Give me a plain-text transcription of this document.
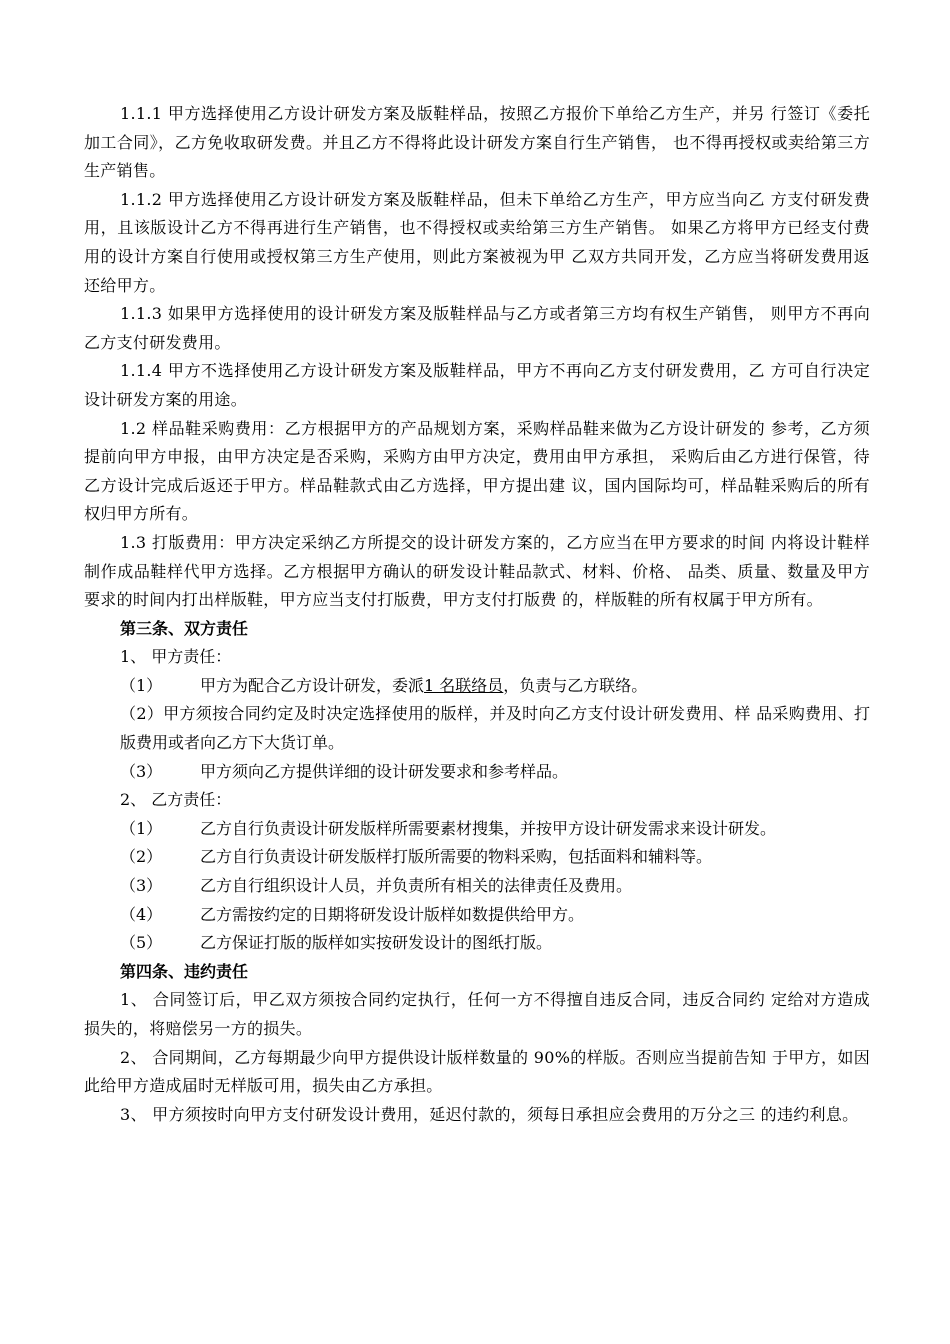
1.1.1 甲方选择使用乙方设计研发方案及版鞋样品，按照乙方报价下单给乙方生产，并另 行签订《委托加工合同》，乙方免收取研发费。并且乙方不得将此设计研发方案自行生产销售， 也不得再授权或卖给第三方生产销售。

1.1.2 甲方选择使用乙方设计研发方案及版鞋样品，但未下单给乙方生产，甲方应当向乙 方支付研发费用，且该版设计乙方不得再进行生产销售，也不得授权或卖给第三方生产销售。 如果乙方将甲方已经支付费用的设计方案自行使用或授权第三方生产使用，则此方案被视为甲 乙双方共同开发，乙方应当将研发费用返还给甲方。

1.1.3 如果甲方选择使用的设计研发方案及版鞋样品与乙方或者第三方均有权生产销售， 则甲方不再向乙方支付研发费用。

1.1.4 甲方不选择使用乙方设计研发方案及版鞋样品，甲方不再向乙方支付研发费用，乙 方可自行决定设计研发方案的用途。

1.2 样品鞋采购费用：乙方根据甲方的产品规划方案，采购样品鞋来做为乙方设计研发的 参考，乙方须提前向甲方申报，由甲方决定是否采购，采购方由甲方决定，费用由甲方承担， 采购后由乙方进行保管，待乙方设计完成后返还于甲方。样品鞋款式由乙方选择，甲方提出建 议，国内国际均可，样品鞋采购后的所有权归甲方所有。

1.3 打版费用：甲方决定采纳乙方所提交的设计研发方案的，乙方应当在甲方要求的时间 内将设计鞋样制作成品鞋样代甲方选择。乙方根据甲方确认的研发设计鞋品款式、材料、价格、 品类、质量、数量及甲方要求的时间内打出样版鞋，甲方应当支付打版费，甲方支付打版费 的，样版鞋的所有权属于甲方所有。

第三条、双方责任

1、 甲方责任：

（1） 甲方为配合乙方设计研发，委派1 名联络员，负责与乙方联络。

（2）甲方须按合同约定及时决定选择使用的版样，并及时向乙方支付设计研发费用、样 品采购费用、打版费用或者向乙方下大货订单。

（3） 甲方须向乙方提供详细的设计研发要求和参考样品。

2、 乙方责任：

（1） 乙方自行负责设计研发版样所需要素材搜集，并按甲方设计研发需求来设计研发。

（2） 乙方自行负责设计研发版样打版所需要的物料采购，包括面料和辅料等。

（3） 乙方自行组织设计人员，并负责所有相关的法律责任及费用。

（4） 乙方需按约定的日期将研发设计版样如数提供给甲方。

（5） 乙方保证打版的版样如实按研发设计的图纸打版。

第四条、违约责任

1、 合同签订后，甲乙双方须按合同约定执行，任何一方不得擅自违反合同，违反合同约 定给对方造成损失的，将赔偿另一方的损失。

2、 合同期间，乙方每期最少向甲方提供设计版样数量的 90%的样版。否则应当提前告知 于甲方，如因此给甲方造成届时无样版可用，损失由乙方承担。

3、 甲方须按时向甲方支付研发设计费用，延迟付款的，须每日承担应会费用的万分之三 的违约利息。
